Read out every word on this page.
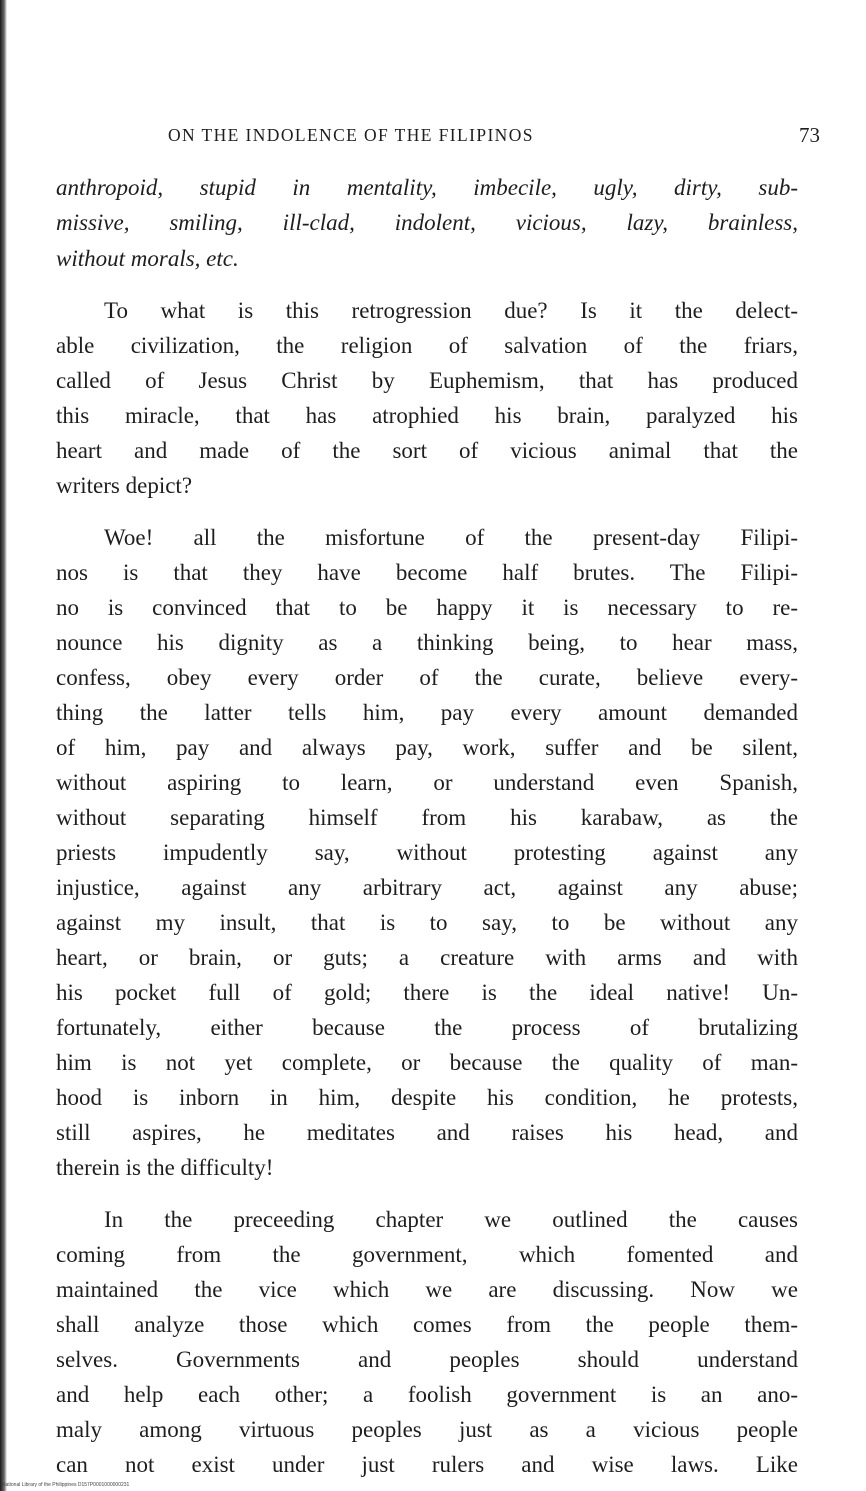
ON THE INDOLENCE OF THE FILIPINOS	73
anthropoid, stupid in mentality, imbecile, ugly, dirty, sub-
missive, smiling, ill-clad, indolent, vicious, lazy, brainless,
without morals, etc.
To what is this retrogression due? Is it the delect-
able civilization, the religion of salvation of the friars,
called of Jesus Christ by Euphemism, that has produced
this miracle, that has atrophied his brain, paralyzed his
heart and made of the sort of vicious animal that the
writers depict?
Woe! all the misfortune of the present-day Filipi-
nos is that they have become half brutes. The Filipi-
no is convinced that to be happy it is necessary to re-
nounce his dignity as a thinking being, to hear mass,
confess, obey every order of the curate, believe every-
thing the latter tells him, pay every amount demanded
of him, pay and always pay, work, suffer and be silent,
without aspiring to learn, or understand even Spanish,
without separating himself from his karabaw, as the
priests impudently say, without protesting against any
injustice, against any arbitrary act, against any abuse;
against my insult, that is to say, to be without any
heart, or brain, or guts; a creature with arms and with
his pocket full of gold; there is the ideal native! Un-
fortunately, either because the process of brutalizing
him is not yet complete, or because the quality of man-
hood is inborn in him, despite his condition, he protests,
still aspires, he meditates and raises his head, and
therein is the difficulty!
In the preceeding chapter we outlined the causes
coming from the government, which fomented and
maintained the vice which we are discussing. Now we
shall analyze those which comes from the people them-
selves. Governments and peoples should understand
and help each other; a foolish government is an ano-
maly among virtuous peoples just as a vicious people
can not exist under just rulers and wise laws. Like
National Library of the Philippines D157P0001000000231
